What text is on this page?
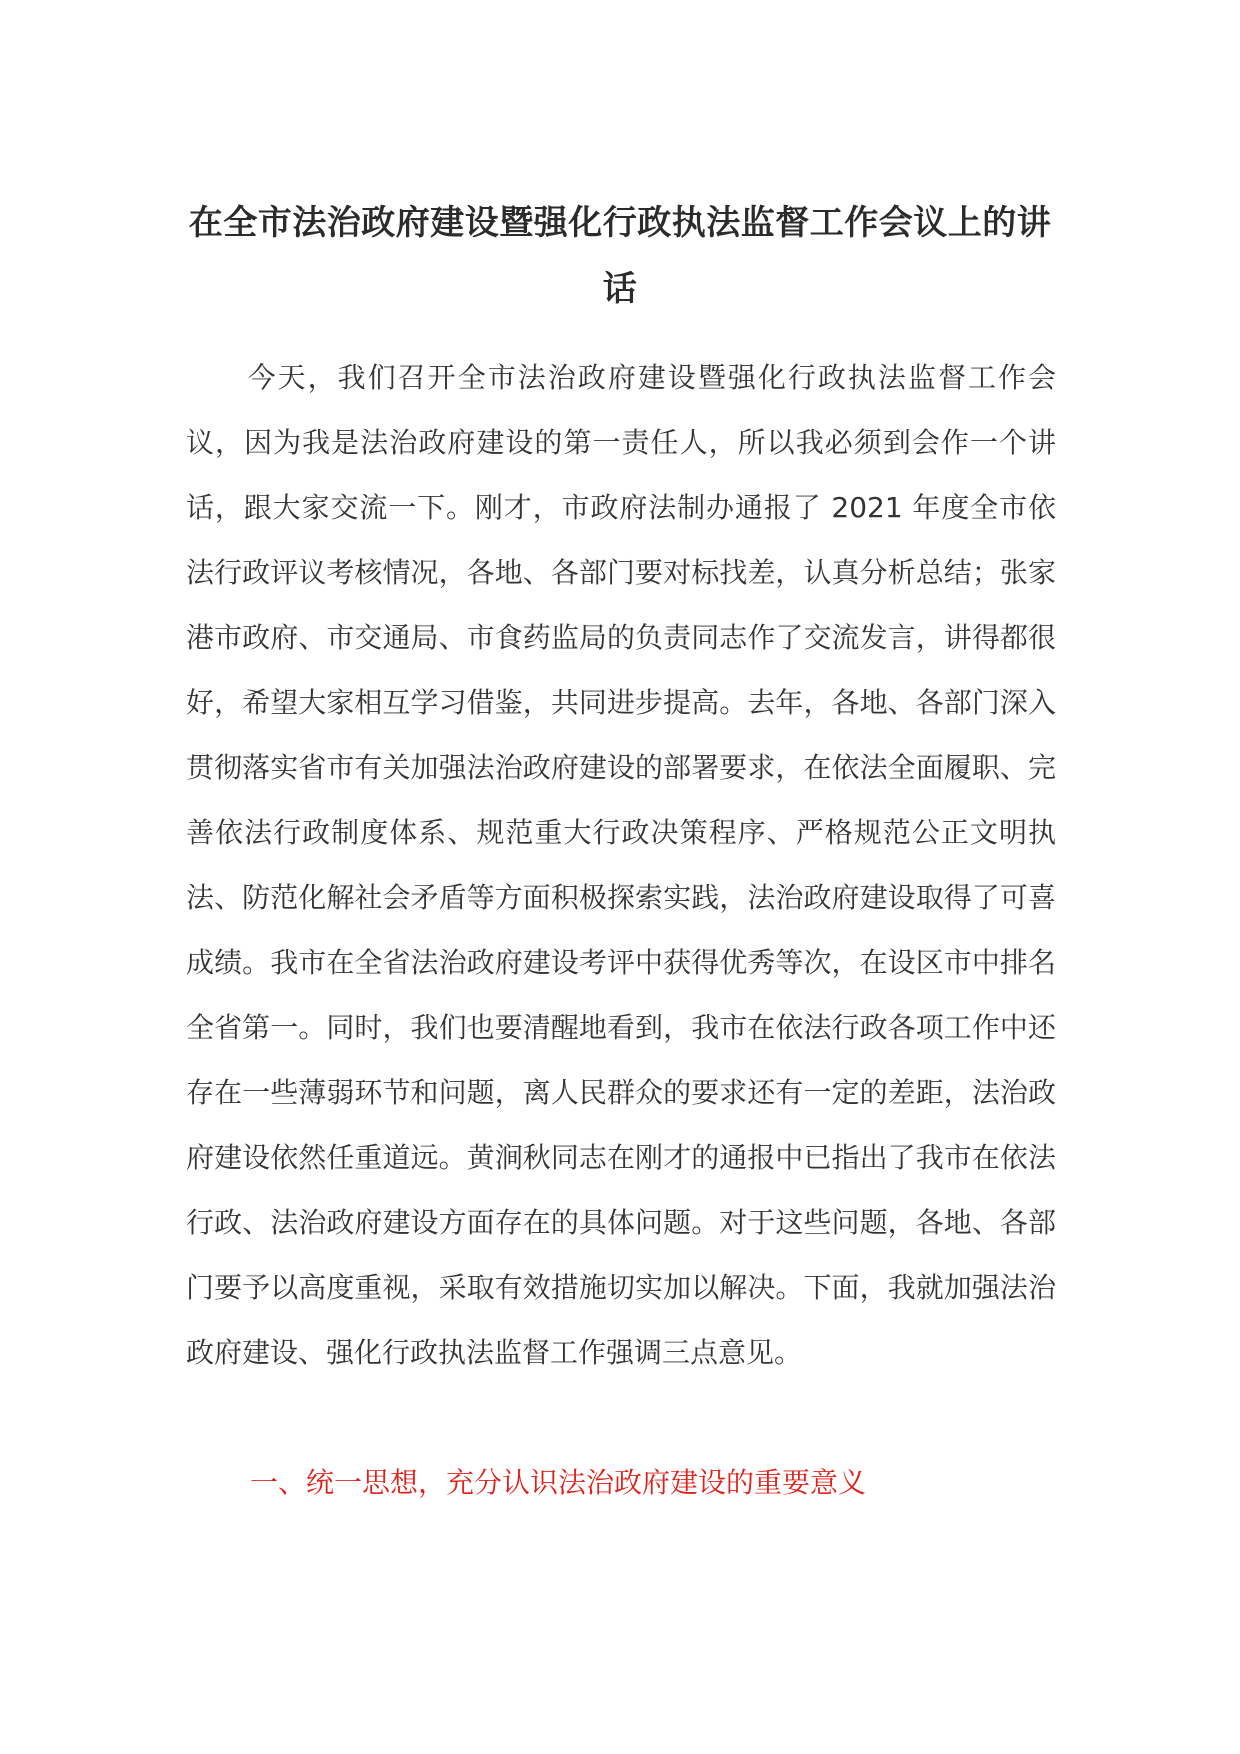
在全市法治政府建设暨强化行政执法监督工作会议上的讲话

今天，我们召开全市法治政府建设暨强化行政执法监督工作会议，因为我是法治政府建设的第一责任人，所以我必须到会作一个讲话，跟大家交流一下。刚才，市政府法制办通报了 2021 年度全市依法行政评议考核情况，各地、各部门要对标找差，认真分析总结；张家港市政府、市交通局、市食药监局的负责同志作了交流发言，讲得都很好，希望大家相互学习借鉴，共同进步提高。去年，各地、各部门深入贯彻落实省市有关加强法治政府建设的部署要求，在依法全面履职、完善依法行政制度体系、规范重大行政决策程序、严格规范公正文明执法、防范化解社会矛盾等方面积极探索实践，法治政府建设取得了可喜成绩。我市在全省法治政府建设考评中获得优秀等次，在设区市中排名全省第一。同时，我们也要清醒地看到，我市在依法行政各项工作中还存在一些薄弱环节和问题，离人民群众的要求还有一定的差距，法治政府建设依然任重道远。黄涧秋同志在刚才的通报中已指出了我市在依法行政、法治政府建设方面存在的具体问题。对于这些问题，各地、各部门要予以高度重视，采取有效措施切实加以解决。下面，我就加强法治政府建设、强化行政执法监督工作强调三点意见。

一、统一思想，充分认识法治政府建设的重要意义
